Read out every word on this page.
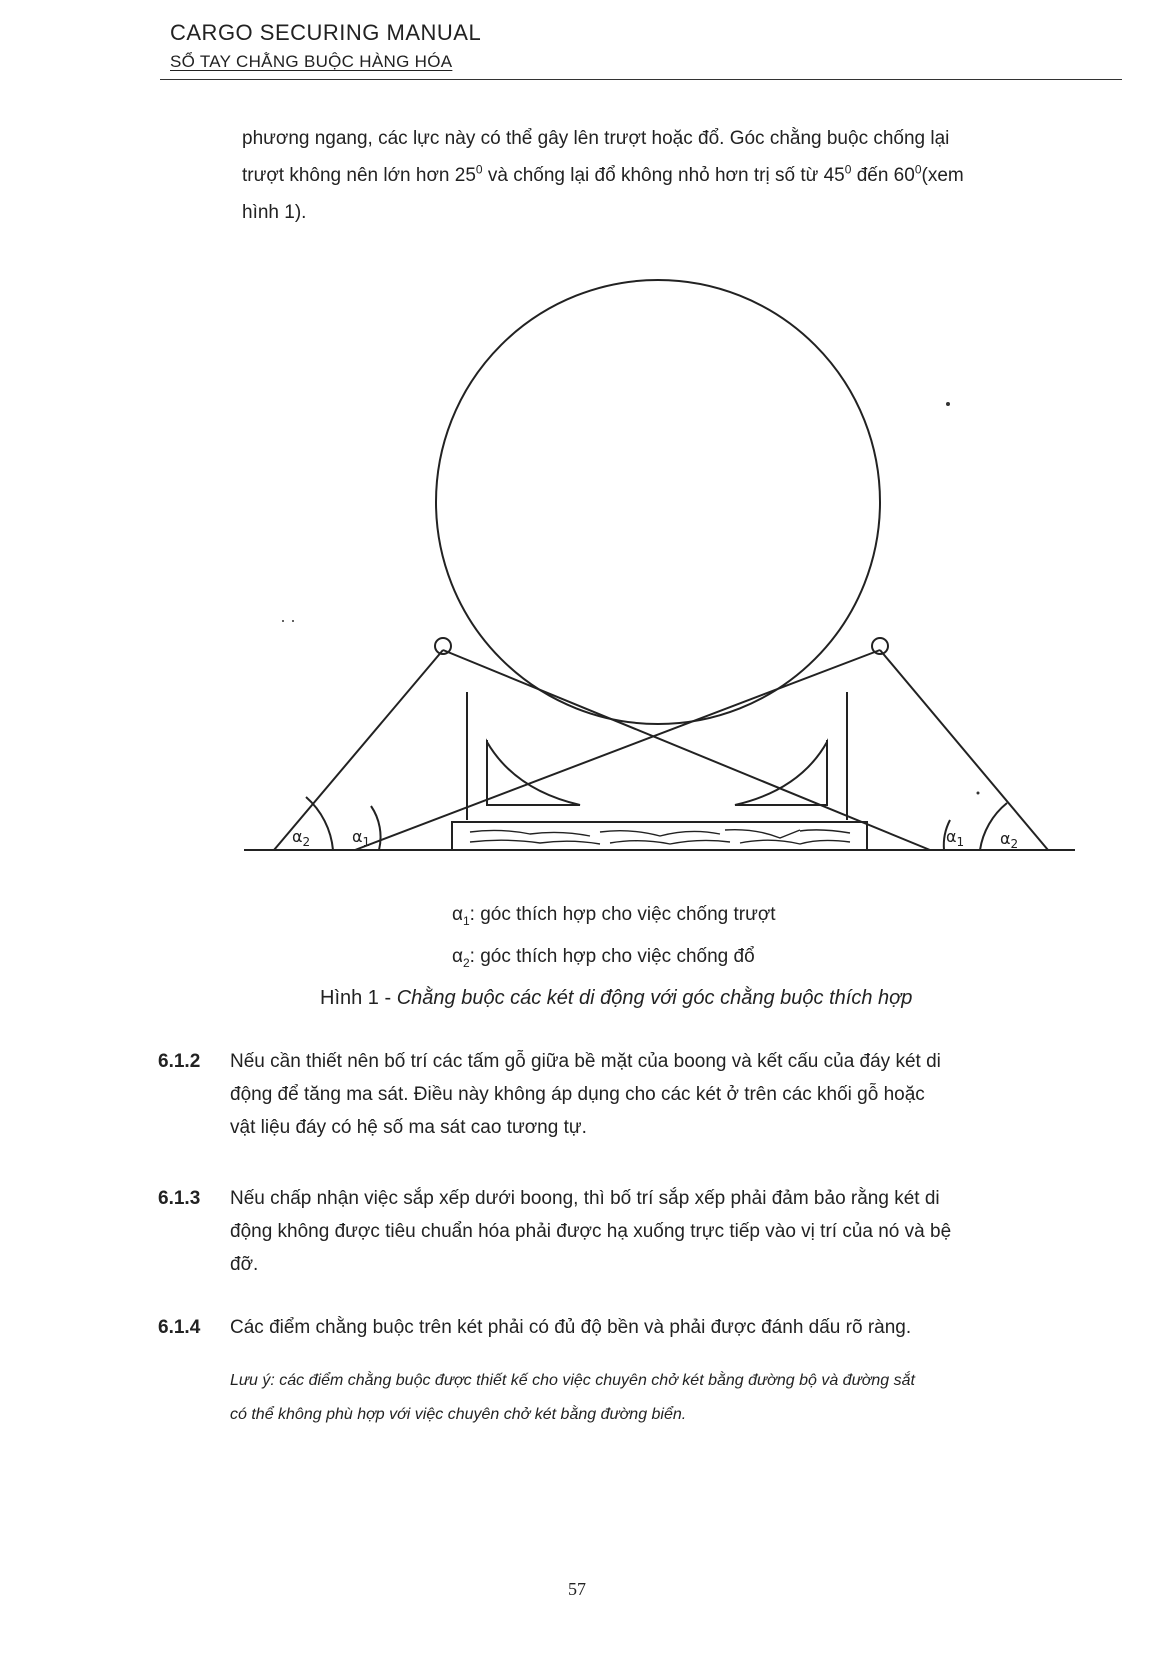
CARGO SECURING MANUAL
SỔ TAY CHẰNG BUỘC HÀNG HÓA

phương ngang, các lực này có thể gây lên trượt hoặc đổ. Góc chằng buộc chống lại

trượt không nên lớn hơn $25^0$ và chống lại đổ không nhỏ hơn trị số từ $45^0$ đến $60^0(xem$

hình 1).

$\alpha_2$	$\alpha_1$	$\alpha_1$ $\alpha_2$
$\alpha_1$: góc thích hợp cho việc chống trượt
$\alpha_2$: góc thích hợp cho việc chống đổ
Hình 1 - Chằng buộc các két di động với góc chằng buộc thích hợp
6.1.2 Nếu cần thiết nên bố trí các tấm gỗ giữa bề mặt của boong và kết cấu của đáy két di
động để tăng ma sát. Điều này không áp dụng cho các két ở trên các khối gỗ hoặc
vật liệu đáy có hệ số ma sát cao tương tự.
6.1.3 Nếu chấp nhận việc sắp xếp dưới boong, thì bố trí sắp xếp phải đảm bảo rằng két di
động không được tiêu chuẩn hóa phải được hạ xuống trực tiếp vào vị trí của nó và bệ
đỡ.
6.1.4 Các điểm chằng buộc trên két phải có đủ độ bền và phải được đánh dấu rõ ràng.
Lưu ý: các điểm chằng buộc được thiết kế cho việc chuyên chở két bằng đường bộ và đường sắt
có thể không phù hợp với việc chuyên chở két bằng đường biển.
57
